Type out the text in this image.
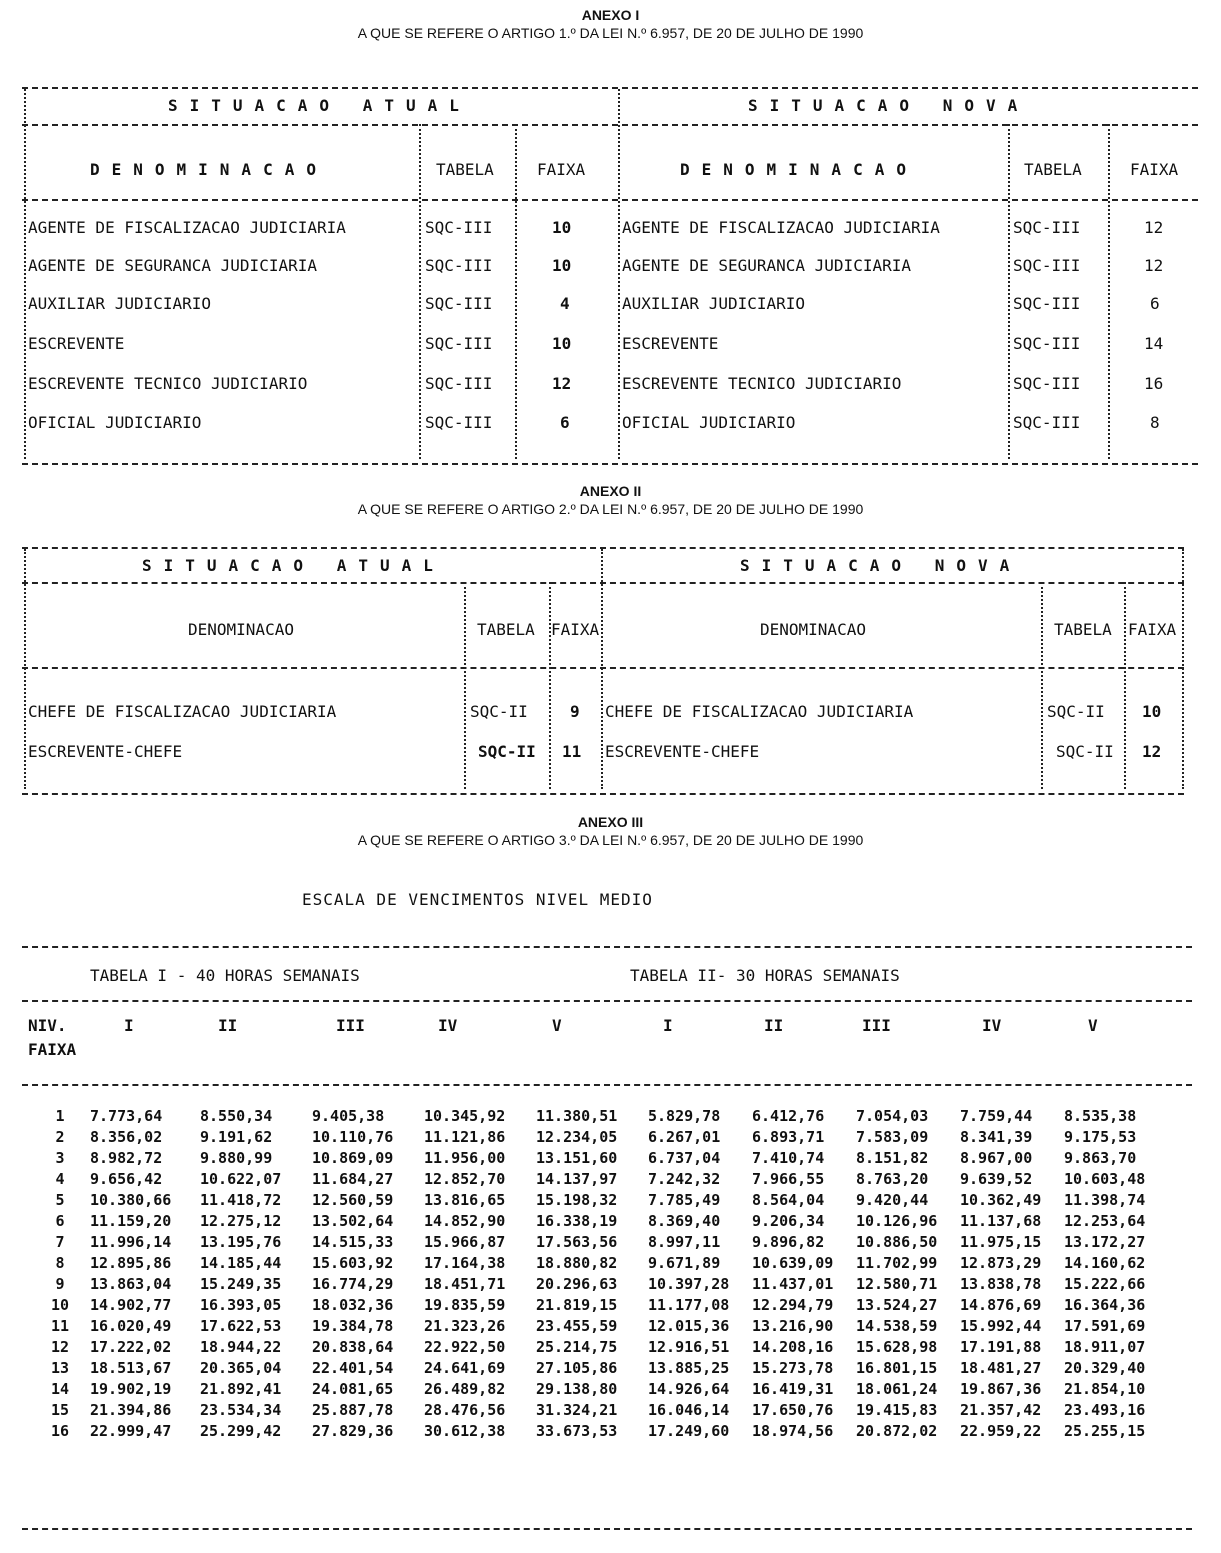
ANEXO I
A QUE SE REFERE O ARTIGO 1.º DA LEI N.º 6.957, DE 20 DE JULHO DE 1990
SITUACAO ATUAL	SITUACAO NOVA
DENOMINACAO	TABELA	FAIXA	DENOMINACAO	TABELA	FAIXA
AGENTE DE FISCALIZACAO JUDICIARIA	SQC-III	10	AGENTE DE FISCALIZACAO JUDICIARIA	SQC-III	12
AGENTE DE SEGURANCA JUDICIARIA	SQC-III	10	AGENTE DE SEGURANCA JUDICIARIA	SQC-III	12
AUXILIAR JUDICIARIO	SQC-III	4	AUXILIAR JUDICIARIO	SQC-III	6
ESCREVENTE	SQC-III	10	ESCREVENTE	SQC-III	14
ESCREVENTE TECNICO JUDICIARIO	SQC-III	12	ESCREVENTE TECNICO JUDICIARIO	SQC-III	16
OFICIAL JUDICIARIO	SQC-III	6	OFICIAL JUDICIARIO	SQC-III	8
ANEXO II
A QUE SE REFERE O ARTIGO 2.º DA LEI N.º 6.957, DE 20 DE JULHO DE 1990
SITUACAO ATUAL	SITUACAO NOVA
DENOMINACAO	TABELA FAIXA	DENOMINACAO	TABELA FAIXA
CHEFE DE FISCALIZACAO JUDICIARIA	SQC-II	9 CHEFE DE FISCALIZACAO JUDICIARIA	SQC-II 10
ESCREVENTE-CHEFE	SQC-II 11 ESCREVENTE-CHEFE	SQC-II 12
ANEXO III
A QUE SE REFERE O ARTIGO 3.º DA LEI N.º 6.957, DE 20 DE JULHO DE 1990
ESCALA DE VENCIMENTOS NIVEL MEDIO
TABELA I - 40 HORAS SEMANAIS	TABELA II- 30 HORAS SEMANAIS
NIV.
FAIXA
I	II	III	IV	V	I	II	III	IV	V
1	7.773,64	8.550,34	9.405,38	10.345,92	11.380,51	5.829,78	6.412,76	7.054,03	7.759,44	8.535,38
2	8.356,02	9.191,62	10.110,76	11.121,86	12.234,05	6.267,01	6.893,71	7.583,09	8.341,39	9.175,53
3	8.982,72	9.880,99	10.869,09	11.956,00	13.151,60	6.737,04	7.410,74	8.151,82	8.967,00	9.863,70
4	9.656,42	10.622,07	11.684,27	12.852,70	14.137,97	7.242,32	7.966,55	8.763,20	9.639,52	10.603,48
5	10.380,66	11.418,72	12.560,59	13.816,65	15.198,32	7.785,49	8.564,04	9.420,44	10.362,49	11.398,74
6	11.159,20	12.275,12	13.502,64	14.852,90	16.338,19	8.369,40	9.206,34	10.126,96	11.137,68	12.253,64
7	11.996,14	13.195,76	14.515,33	15.966,87	17.563,56	8.997,11	9.896,82	10.886,50	11.975,15	13.172,27
8	12.895,86	14.185,44	15.603,92	17.164,38	18.880,82	9.671,89	10.639,09	11.702,99	12.873,29	14.160,62
9	13.863,04	15.249,35	16.774,29	18.451,71	20.296,63	10.397,28	11.437,01	12.580,71	13.838,78	15.222,66
10	14.902,77	16.393,05	18.032,36	19.835,59	21.819,15	11.177,08	12.294,79	13.524,27	14.876,69	16.364,36
11	16.020,49	17.622,53	19.384,78	21.323,26	23.455,59	12.015,36	13.216,90	14.538,59	15.992,44	17.591,69
12	17.222,02	18.944,22	20.838,64	22.922,50	25.214,75	12.916,51	14.208,16	15.628,98	17.191,88	18.911,07
13	18.513,67	20.365,04	22.401,54	24.641,69	27.105,86	13.885,25	15.273,78	16.801,15	18.481,27	20.329,40
14	19.902,19	21.892,41	24.081,65	26.489,82	29.138,80	14.926,64	16.419,31	18.061,24	19.867,36	21.854,10
15	21.394,86	23.534,34	25.887,78	28.476,56	31.324,21	16.046,14	17.650,76	19.415,83	21.357,42	23.493,16
16	22.999,47	25.299,42	27.829,36	30.612,38	33.673,53	17.249,60	18.974,56	20.872,02	22.959,22	25.255,15
